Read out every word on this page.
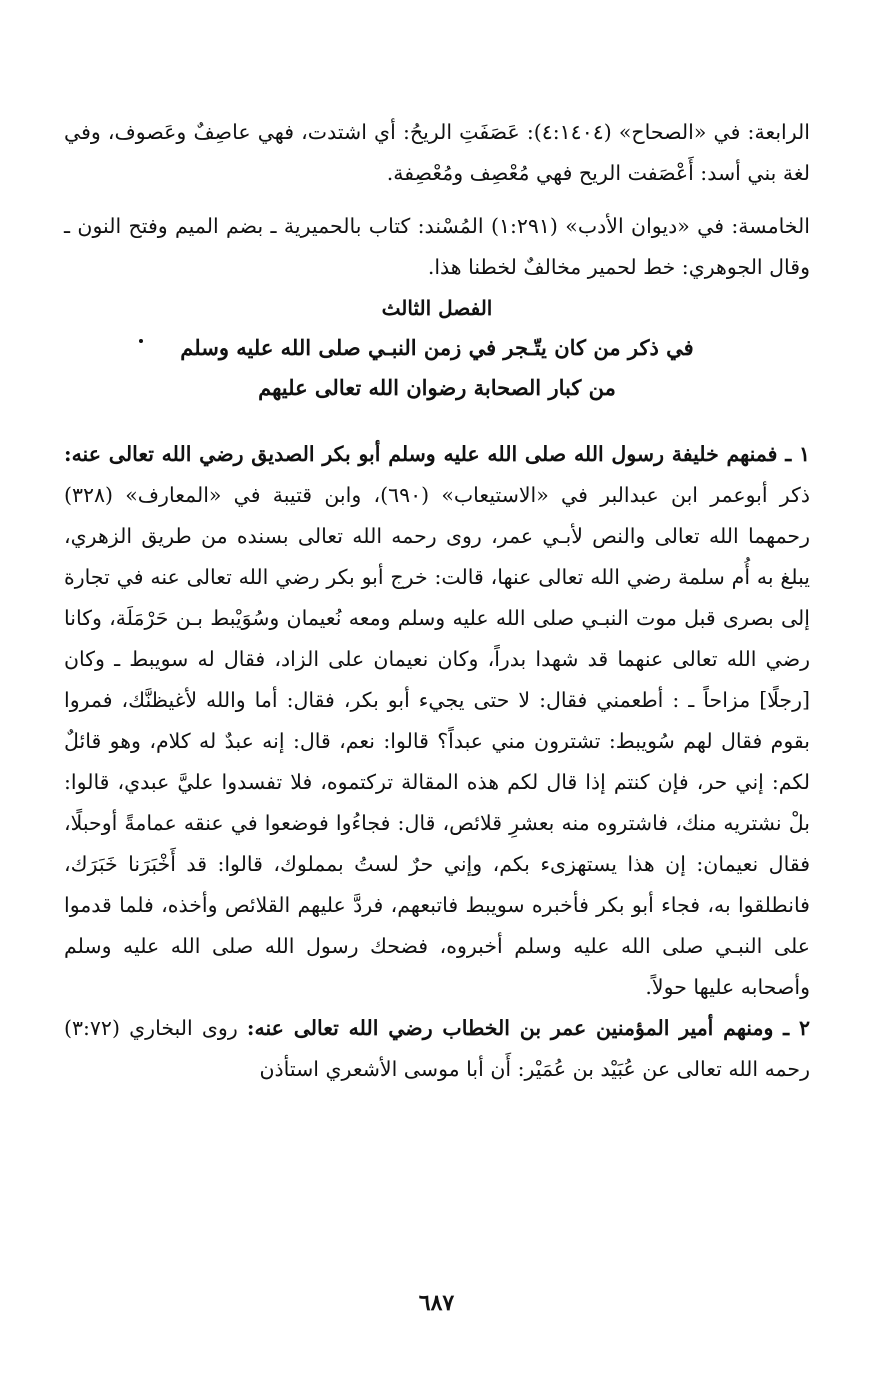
الرابعة: في «الصحاح» (٤:١٤٠٤): عَصَفَتِ الريحُ: أي اشتدت، فهي عاصِفٌ وعَصوف، وفي لغة بني أسد: أَعْصَفت الريح فهي مُعْصِف ومُعْصِفة.

الخامسة: في «ديوان الأدب» (١:٢٩١) المُسْند: كتاب بالحميرية ـ بضم الميم وفتح النون ـ وقال الجوهري: خط لحمير مخالفٌ لخطنا هذا.

الفصل الثالث
في ذكر من كان يتّـجر في زمن النبـي صلى الله عليه وسلم
من كبار الصحابة رضوان الله تعالى عليهم

١ ـ فمنهم خليفة رسول الله صلى الله عليه وسلم أبو بكر الصديق رضي الله تعالى عنه: ذكر أبوعمر ابن عبدالبر في «الاستيعاب» (٦٩٠)، وابن قتيبة في «المعارف» (٣٢٨) رحمهما الله تعالى والنص لأبـي عمر، روى رحمه الله تعالى بسنده من طريق الزهري، يبلغ به أُم سلمة رضي الله تعالى عنها، قالت: خرج أبو بكر رضي الله تعالى عنه في تجارة إلى بصرى قبل موت النبـي صلى الله عليه وسلم ومعه نُعيمان وسُوَيْبط بـن حَرْمَلَة، وكانا رضي الله تعالى عنهما قد شهدا بدراً، وكان نعيمان على الزاد، فقال له سويبط ـ وكان [رجلًا] مزاحاً ـ : أطعمني فقال: لا حتى يجيء أبو بكر، فقال: أما والله لأغيظنَّك، فمروا بقوم فقال لهم سُويبط: تشترون مني عبداً؟ قالوا: نعم، قال: إنه عبدٌ له كلام، وهو قائلٌ لكم: إني حر، فإن كنتم إذا قال لكم هذه المقالة تركتموه، فلا تفسدوا عليَّ عبدي، قالوا: بلْ نشتريه منك، فاشتروه منه بعشرِ قلائص، قال: فجاءُوا فوضعوا في عنقه عمامةً أوحبلًا، فقال نعيمان: إن هذا يستهزىء بكم، وإني حرٌ لستُ بمملوك، قالوا: قد أَخْبَرَنا خَبَرَك، فانطلقوا به، فجاء أبو بكر فأخبره سويبط فاتبعهم، فردَّ عليهم القلائص وأخذه، فلما قدموا على النبـي صلى الله عليه وسلم أخبروه، فضحك رسول الله صلى الله عليه وسلم وأصحابه عليها حولاً.

٢ ـ ومنهم أمير المؤمنين عمر بن الخطاب رضي الله تعالى عنه: روى البخاري (٣:٧٢) رحمه الله تعالى عن عُبَيْد بن عُمَيْر: أَن أبا موسى الأشعري استأذن

٦٨٧
